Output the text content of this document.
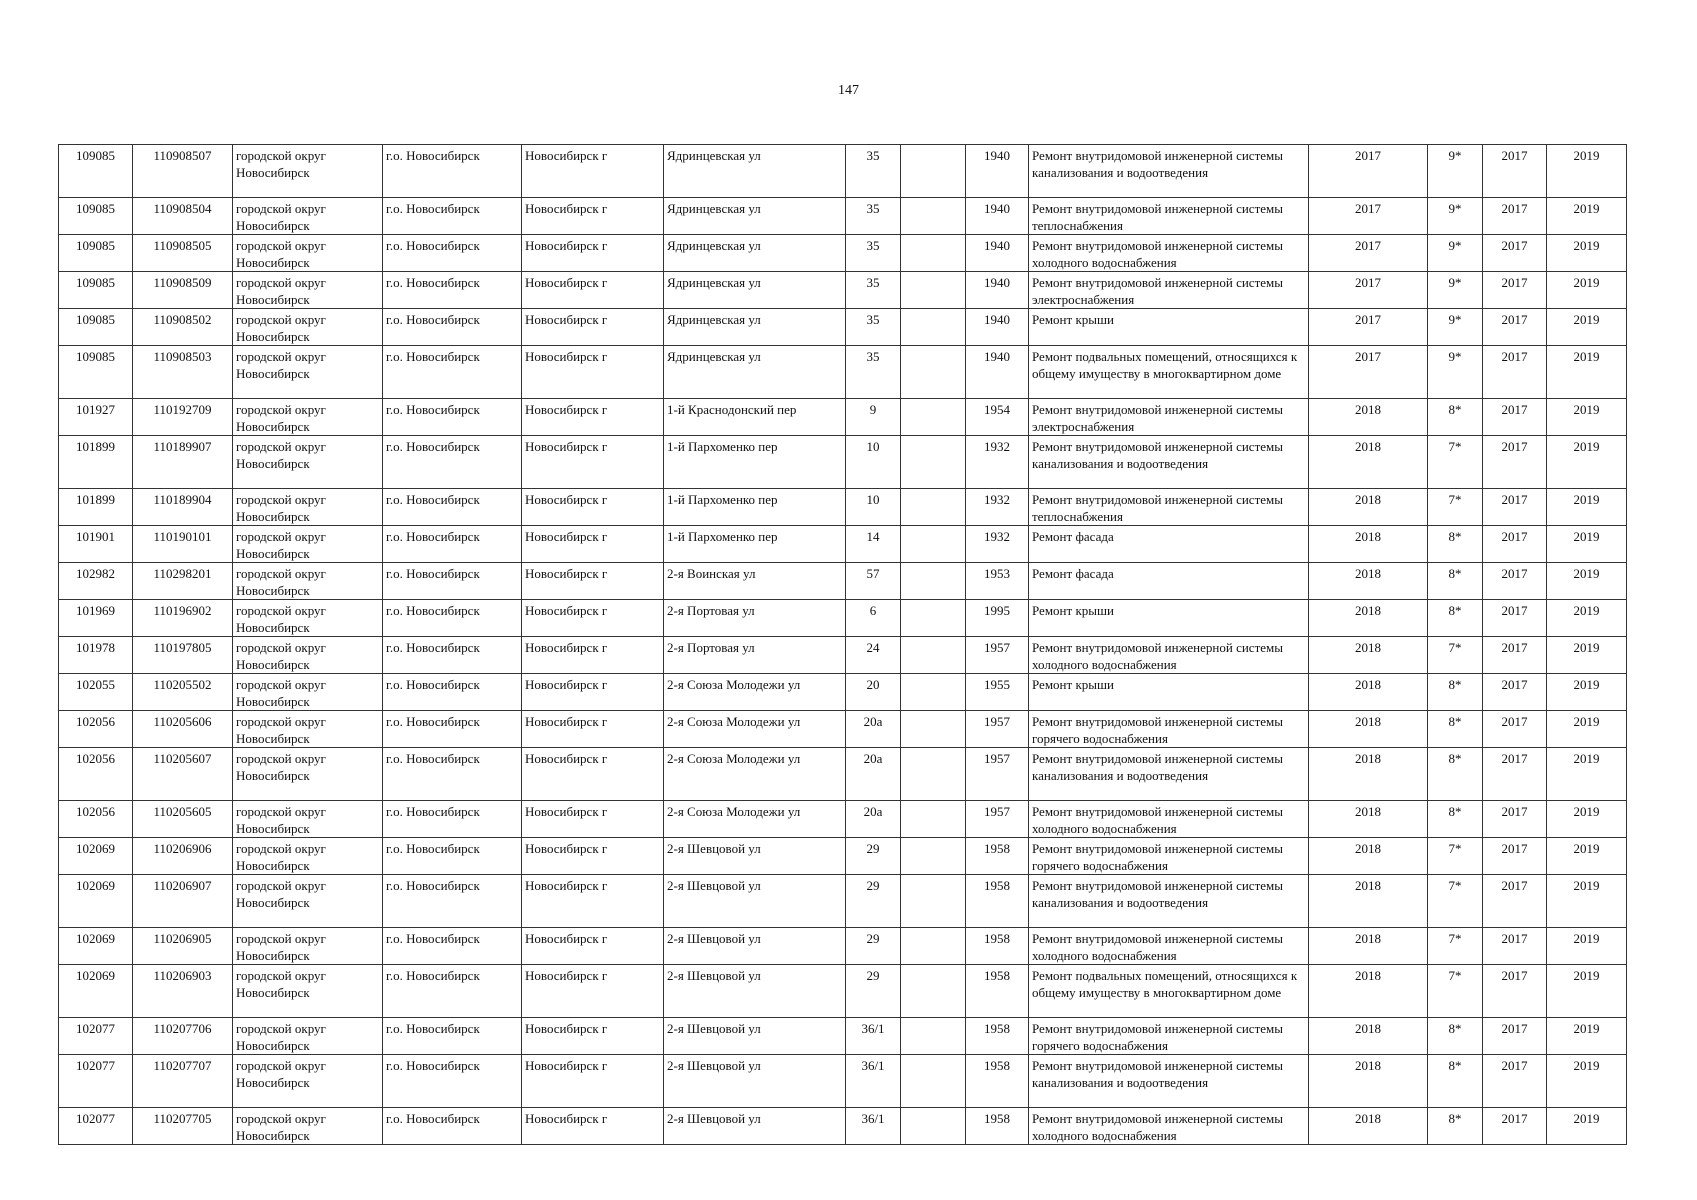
147
109085	110908507	городской округ Новосибирск	г.о. Новосибирск	Новосибирск г	Ядринцевская ул	35		1940	Ремонт внутридомовой инженерной системы канализования и водоотведения	2017	9*	2017	2019
109085	110908504	городской округ Новосибирск	г.о. Новосибирск	Новосибирск г	Ядринцевская ул	35		1940	Ремонт внутридомовой инженерной системы теплоснабжения	2017	9*	2017	2019
109085	110908505	городской округ Новосибирск	г.о. Новосибирск	Новосибирск г	Ядринцевская ул	35		1940	Ремонт внутридомовой инженерной системы холодного водоснабжения	2017	9*	2017	2019
109085	110908509	городской округ Новосибирск	г.о. Новосибирск	Новосибирск г	Ядринцевская ул	35		1940	Ремонт внутридомовой инженерной системы электроснабжения	2017	9*	2017	2019
109085	110908502	городской округ Новосибирск	г.о. Новосибирск	Новосибирск г	Ядринцевская ул	35		1940	Ремонт крыши	2017	9*	2017	2019
109085	110908503	городской округ Новосибирск	г.о. Новосибирск	Новосибирск г	Ядринцевская ул	35		1940	Ремонт подвальных помещений, относящихся к общему имуществу в многоквартирном доме	2017	9*	2017	2019
101927	110192709	городской округ Новосибирск	г.о. Новосибирск	Новосибирск г	1-й Краснодонский пер	9		1954	Ремонт внутридомовой инженерной системы электроснабжения	2018	8*	2017	2019
101899	110189907	городской округ Новосибирск	г.о. Новосибирск	Новосибирск г	1-й Пархоменко пер	10		1932	Ремонт внутридомовой инженерной системы канализования и водоотведения	2018	7*	2017	2019
101899	110189904	городской округ Новосибирск	г.о. Новосибирск	Новосибирск г	1-й Пархоменко пер	10		1932	Ремонт внутридомовой инженерной системы теплоснабжения	2018	7*	2017	2019
101901	110190101	городской округ Новосибирск	г.о. Новосибирск	Новосибирск г	1-й Пархоменко пер	14		1932	Ремонт фасада	2018	8*	2017	2019
102982	110298201	городской округ Новосибирск	г.о. Новосибирск	Новосибирск г	2-я Воинская ул	57		1953	Ремонт фасада	2018	8*	2017	2019
101969	110196902	городской округ Новосибирск	г.о. Новосибирск	Новосибирск г	2-я Портовая ул	6		1995	Ремонт крыши	2018	8*	2017	2019
101978	110197805	городской округ Новосибирск	г.о. Новосибирск	Новосибирск г	2-я Портовая ул	24		1957	Ремонт внутридомовой инженерной системы холодного водоснабжения	2018	7*	2017	2019
102055	110205502	городской округ Новосибирск	г.о. Новосибирск	Новосибирск г	2-я Союза Молодежи ул	20		1955	Ремонт крыши	2018	8*	2017	2019
102056	110205606	городской округ Новосибирск	г.о. Новосибирск	Новосибирск г	2-я Союза Молодежи ул	20а		1957	Ремонт внутридомовой инженерной системы горячего водоснабжения	2018	8*	2017	2019
102056	110205607	городской округ Новосибирск	г.о. Новосибирск	Новосибирск г	2-я Союза Молодежи ул	20а		1957	Ремонт внутридомовой инженерной системы канализования и водоотведения	2018	8*	2017	2019
102056	110205605	городской округ Новосибирск	г.о. Новосибирск	Новосибирск г	2-я Союза Молодежи ул	20а		1957	Ремонт внутридомовой инженерной системы холодного водоснабжения	2018	8*	2017	2019
102069	110206906	городской округ Новосибирск	г.о. Новосибирск	Новосибирск г	2-я Шевцовой ул	29		1958	Ремонт внутридомовой инженерной системы горячего водоснабжения	2018	7*	2017	2019
102069	110206907	городской округ Новосибирск	г.о. Новосибирск	Новосибирск г	2-я Шевцовой ул	29		1958	Ремонт внутридомовой инженерной системы канализования и водоотведения	2018	7*	2017	2019
102069	110206905	городской округ Новосибирск	г.о. Новосибирск	Новосибирск г	2-я Шевцовой ул	29		1958	Ремонт внутридомовой инженерной системы холодного водоснабжения	2018	7*	2017	2019
102069	110206903	городской округ Новосибирск	г.о. Новосибирск	Новосибирск г	2-я Шевцовой ул	29		1958	Ремонт подвальных помещений, относящихся к общему имуществу в многоквартирном доме	2018	7*	2017	2019
102077	110207706	городской округ Новосибирск	г.о. Новосибирск	Новосибирск г	2-я Шевцовой ул	36/1		1958	Ремонт внутридомовой инженерной системы горячего водоснабжения	2018	8*	2017	2019
102077	110207707	городской округ Новосибирск	г.о. Новосибирск	Новосибирск г	2-я Шевцовой ул	36/1		1958	Ремонт внутридомовой инженерной системы канализования и водоотведения	2018	8*	2017	2019
102077	110207705	городской округ Новосибирск	г.о. Новосибирск	Новосибирск г	2-я Шевцовой ул	36/1		1958	Ремонт внутридомовой инженерной системы холодного водоснабжения	2018	8*	2017	2019
